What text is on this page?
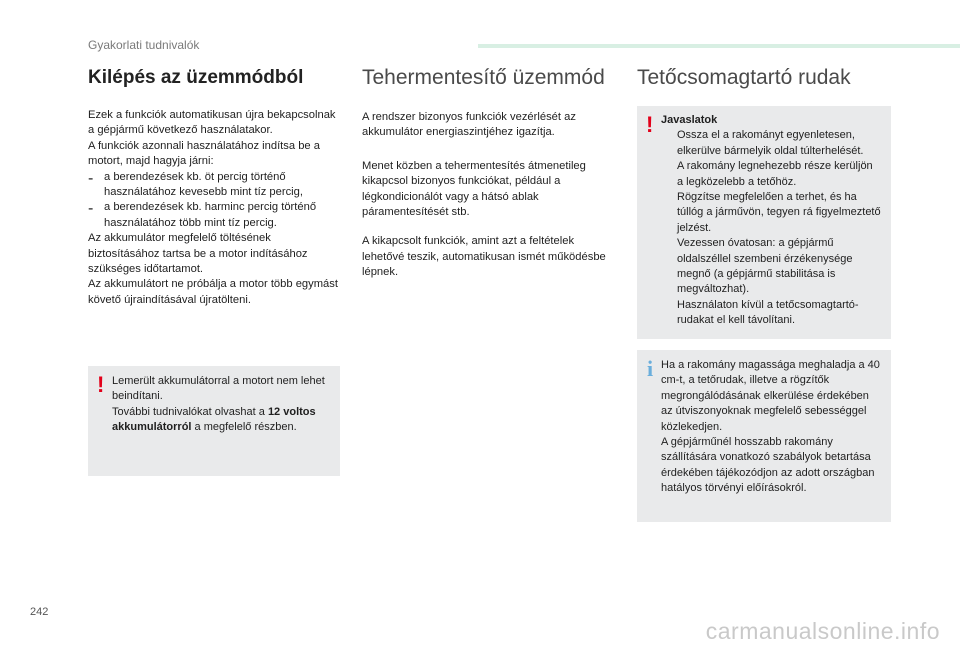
Gyakorlati tudnivalók
Kilépés az üzemmódból

Ezek a funkciók automatikusan újra bekapcsolnak a gépjármű következő használatakor.

A funkciók azonnali használatához indítsa be a motort, majd hagyja járni:

- a berendezések kb. öt percig történő használatához kevesebb mint tíz percig,

- a berendezések kb. harminc percig történő használatához több mint tíz percig.

Az akkumulátor megfelelő töltésének biztosításához tartsa be a motor indításához szükséges időtartamot.

Az akkumulátort ne próbálja a motor több egymást követő újraindításával újratölteni.

! Lemerült akkumulátorral a motort nem lehet beindítani.

További tudnivalókat olvashat a 12 voltos akkumulátorról a megfelelő részben.

Tehermentesítő üzemmód

A rendszer bizonyos funkciók vezérlését az akkumulátor energiaszintjéhez igazítja.

Menet közben a tehermentesítés átmenetileg kikapcsol bizonyos funkciókat, például a légkondicionálót vagy a hátsó ablak páramentesítését stb.

A kikapcsolt funkciók, amint azt a feltételek lehetővé teszik, automatikusan ismét működésbe lépnek.

Tetőcsomagtartó rudak
! Javaslatok

Ossza el a rakományt egyenletesen, elkerülve bármelyik oldal túlterhelését.

A rakomány legnehezebb része kerüljön a legközelebb a tetőhöz.

Rögzítse megfelelően a terhet, és ha túllóg a járművön, tegyen rá figyelmeztető jelzést.

Vezessen óvatosan: a gépjármű oldalszéllel szembeni érzékenysége megnő (a gépjármű stabilitása is megváltozhat).

Használaton kívül a tetőcsomagtartó-rudakat el kell távolítani.

i Ha a rakomány magassága meghaladja a 40 cm-t, a tetőrudak, illetve a rögzítők megrongálódásának elkerülése érdekében az útviszonyoknak megfelelő sebességgel közlekedjen.

A gépjárműnél hosszabb rakomány szállítására vonatkozó szabályok betartása érdekében tájékozódjon az adott országban hatályos törvényi előírásokról.

242
carmanualsonline.info
